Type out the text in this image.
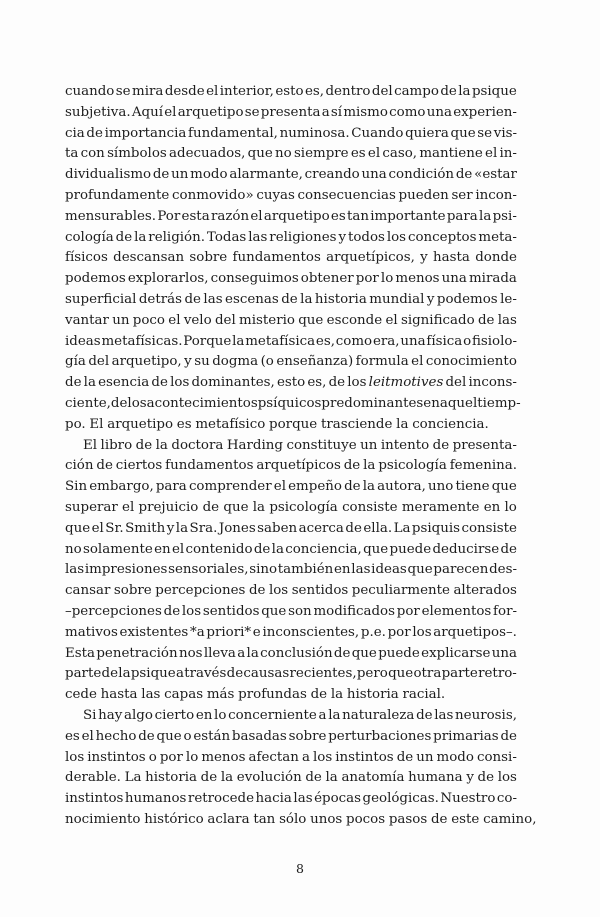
cuando se mira desde el interior, esto es, dentro del campo de la psique
subjetiva. Aquí el arquetipo se presenta a sí mismo como una experien-
cia de importancia fundamental, numinosa. Cuando quiera que se vis-
ta con símbolos adecuados, que no siempre es el caso, mantiene el in-
dividualismo de un modo alarmante, creando una condición de «estar
profundamente conmovido» cuyas consecuencias pueden ser incon-
mensurables. Por esta razón el arquetipo es tan importante para la psi-
cología de la religión. Todas las religiones y todos los conceptos meta-
físicos descansan sobre fundamentos arquetípicos, y hasta donde
podemos explorarlos, conseguimos obtener por lo menos una mirada
superficial detrás de las escenas de la historia mundial y podemos le-
vantar un poco el velo del misterio que esconde el significado de las
ideas metafísicas. Porque la metafísica es, como era, una física o fisiolo-
gía del arquetipo, y su dogma (o enseñanza) formula el conocimiento
de la esencia de los dominantes, esto es, de los leitmotives del incons-
ciente, de los acontecimientos psíquicos predominantes en aquel tiemp-
po. El arquetipo es metafísico porque trasciende la conciencia.
El libro de la doctora Harding constituye un intento de presenta-
ción de ciertos fundamentos arquetípicos de la psicología femenina.
Sin embargo, para comprender el empeño de la autora, uno tiene que
superar el prejuicio de que la psicología consiste meramente en lo
que el Sr. Smith y la Sra. Jones saben acerca de ella. La psiquis consiste
no solamente en el contenido de la conciencia, que puede deducirse de
las impresiones sensoriales, sino también en las ideas que parecen des-
cansar sobre percepciones de los sentidos peculiarmente alterados
–percepciones de los sentidos que son modificados por elementos for-
mativos existentes *a priori* e inconscientes, p.e. por los arquetipos–.
Esta penetración nos lleva a la conclusión de que puede explicarse una
parte de la psique a través de causas recientes, pero que otra parte retro-
cede hasta las capas más profundas de la historia racial.
Si hay algo cierto en lo concerniente a la naturaleza de las neurosis,
es el hecho de que o están basadas sobre perturbaciones primarias de
los instintos o por lo menos afectan a los instintos de un modo consi-
derable. La historia de la evolución de la anatomía humana y de los
instintos humanos retrocede hacia las épocas geológicas. Nuestro co-
nocimiento histórico aclara tan sólo unos pocos pasos de este camino,
8
